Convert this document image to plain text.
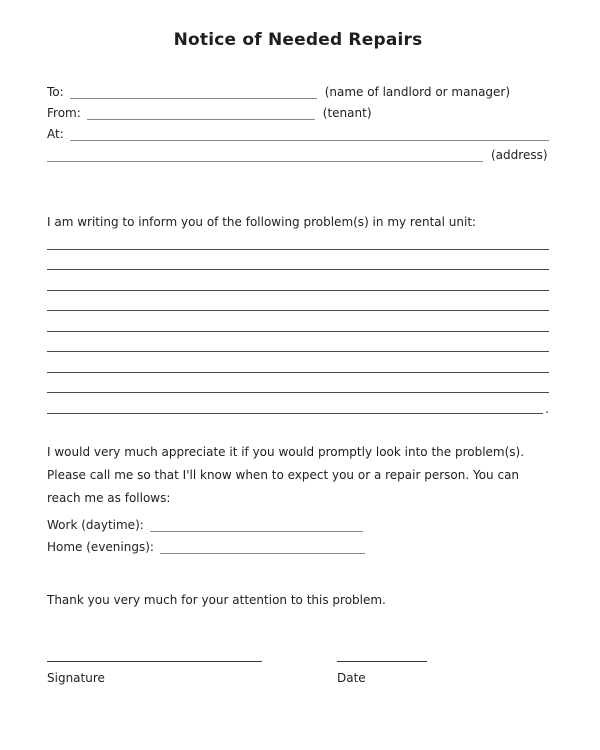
Notice of Needed Repairs
To:	(name of landlord or manager)
From:	(tenant)
At:
(address)

I am writing to inform you of the following problem(s) in my rental unit:

.
I would very much appreciate it if you would promptly look into the problem(s).
Please call me so that I'll know when to expect you or a repair person. You can
reach me as follows:
Work (daytime):
Home (evenings):

Thank you very much for your attention to this problem.

Signature	Date
